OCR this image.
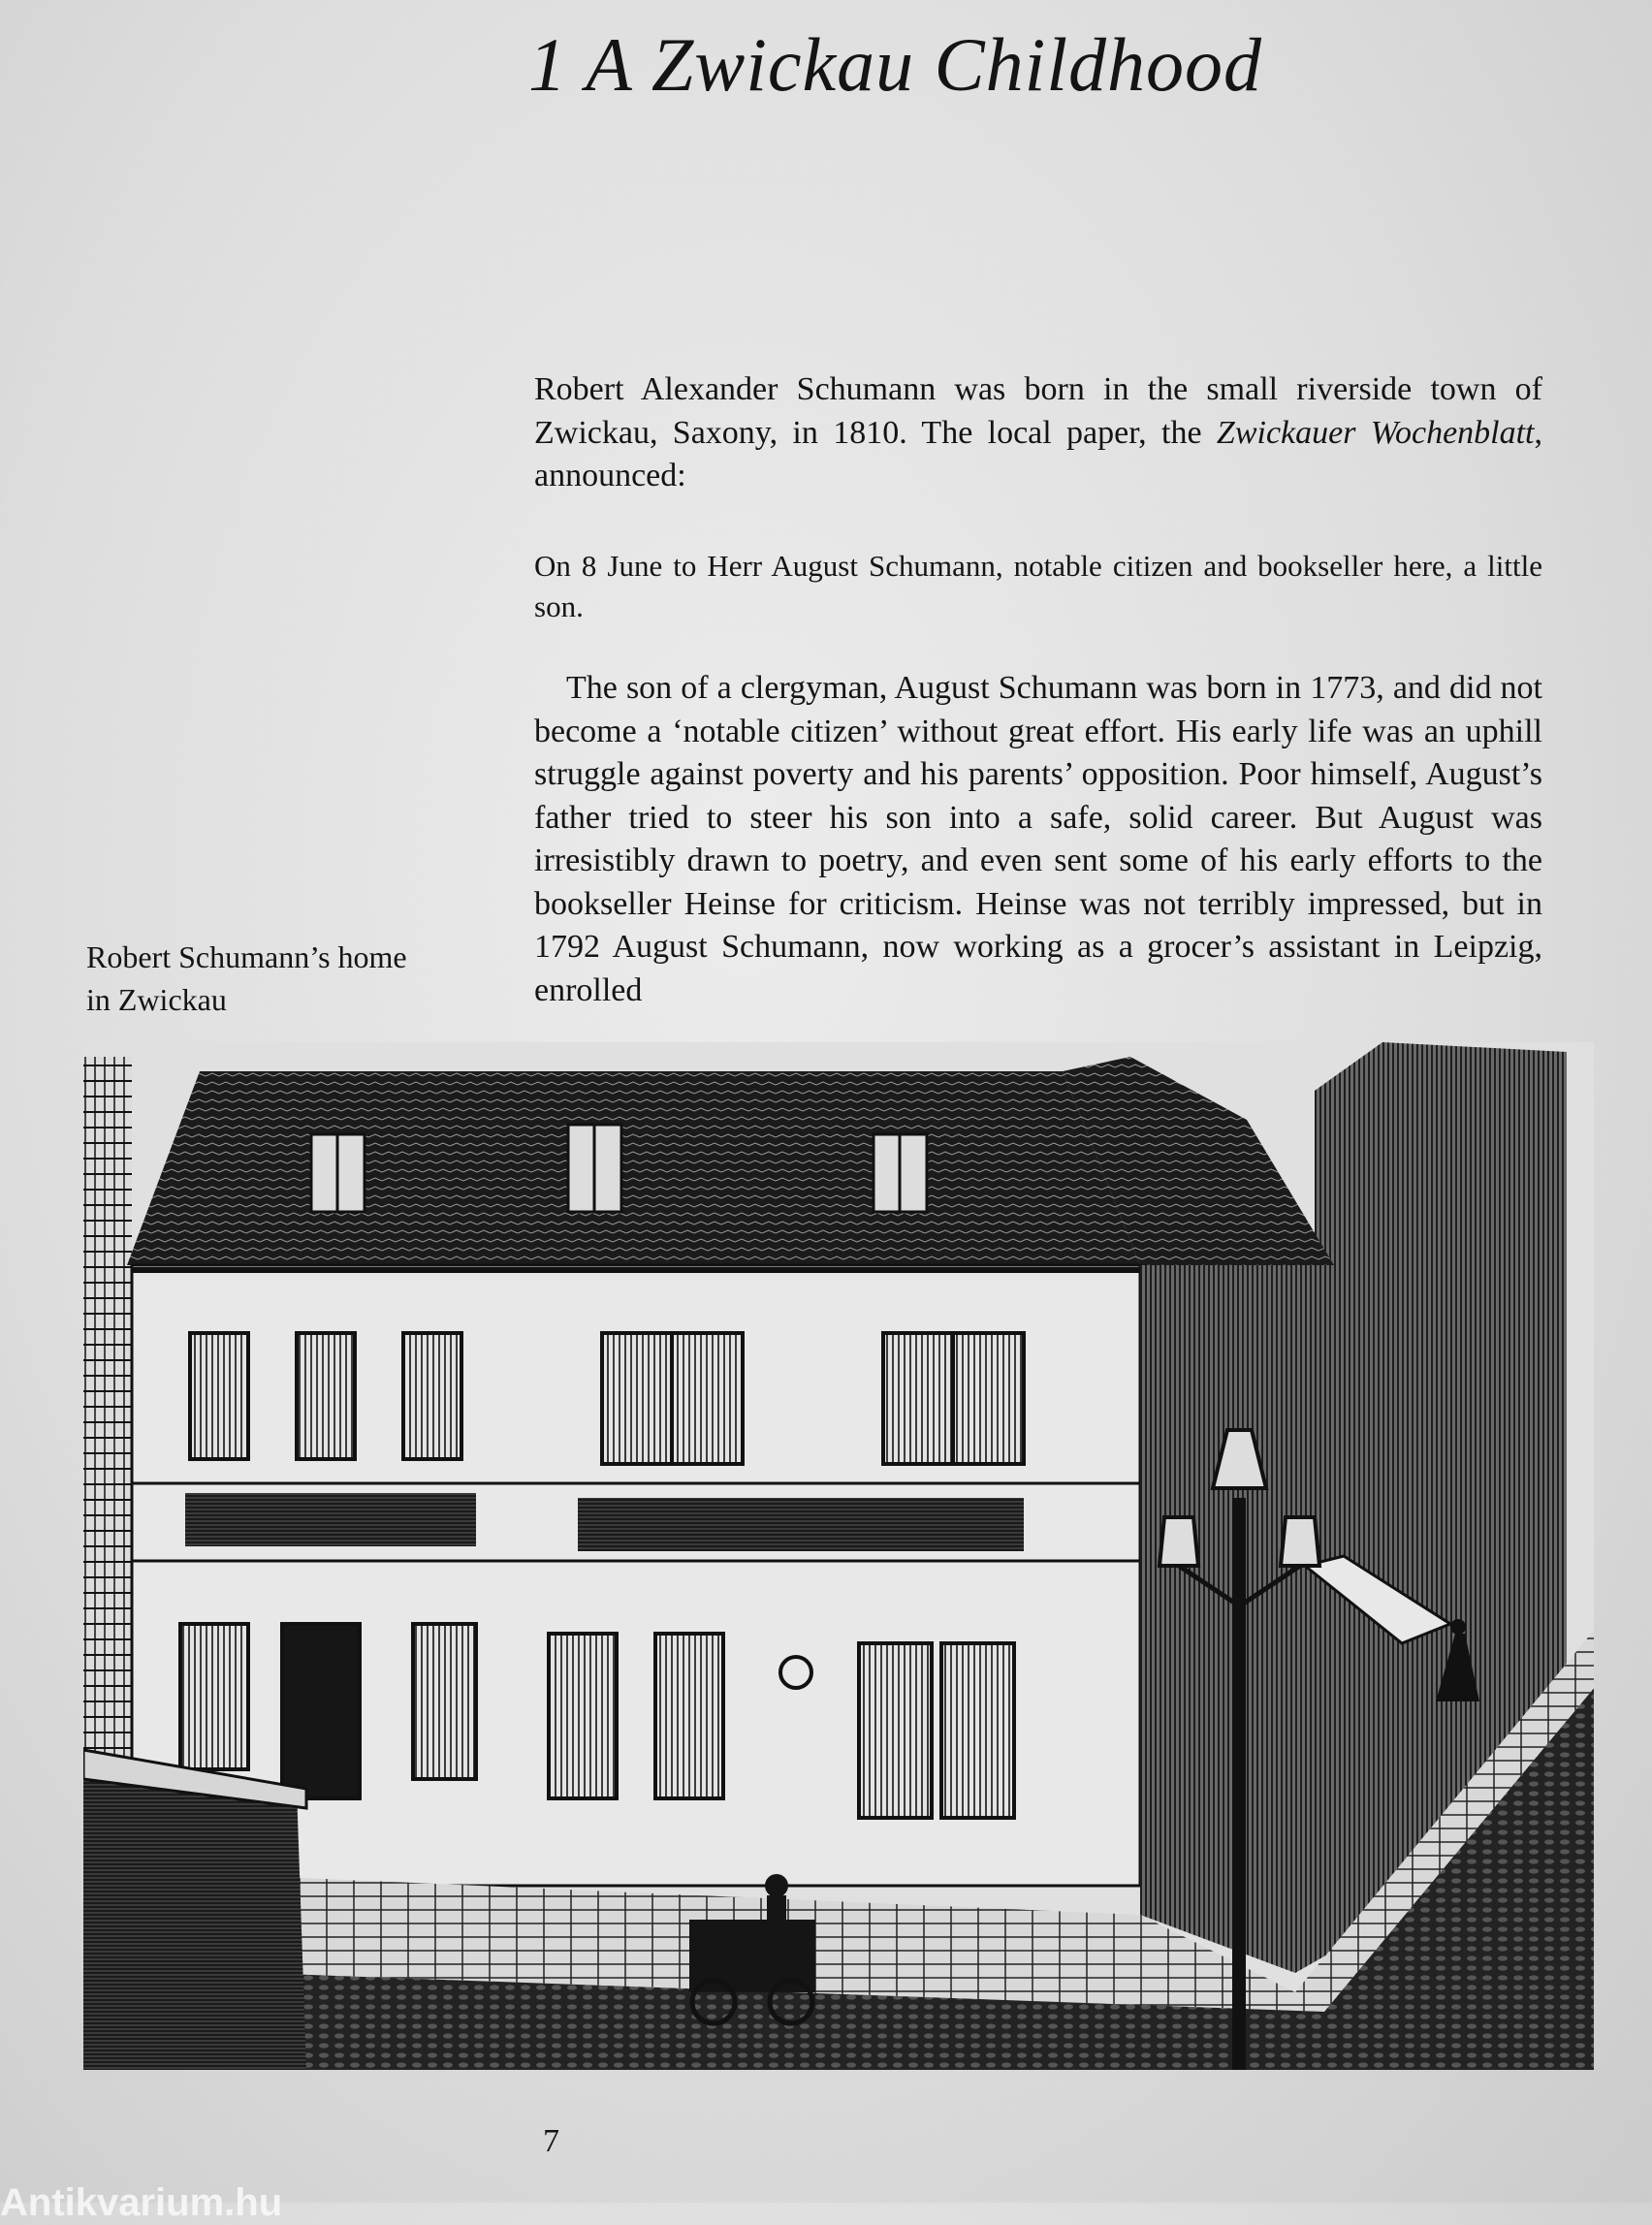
1 A Zwickau Childhood
Robert Alexander Schumann was born in the small riverside town of Zwickau, Saxony, in 1810. The local paper, the Zwickauer Wochenblatt, announced:
On 8 June to Herr August Schumann, notable citizen and bookseller here, a little son.
The son of a clergyman, August Schumann was born in 1773, and did not become a ‘notable citizen’ without great effort. His early life was an uphill struggle against poverty and his parents’ opposition. Poor himself, August’s father tried to steer his son into a safe, solid career. But August was irresistibly drawn to poetry, and even sent some of his early efforts to the bookseller Heinse for criticism. Heinse was not terribly impressed, but in 1792 August Schumann, now working as a grocer’s assistant in Leipzig, enrolled
Robert Schumann’s home
in Zwickau
7
Antikvarium.hu
